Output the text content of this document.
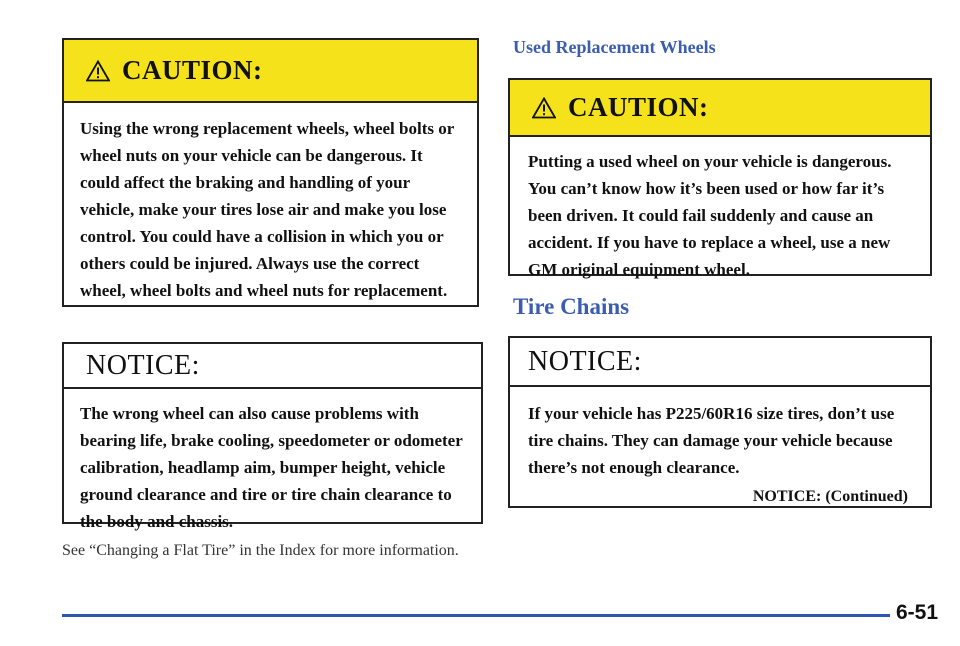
CAUTION:
Using the wrong replacement wheels, wheel bolts or wheel nuts on your vehicle can be dangerous. It could affect the braking and handling of your vehicle, make your tires lose air and make you lose control. You could have a collision in which you or others could be injured. Always use the correct wheel, wheel bolts and wheel nuts for replacement.
NOTICE:
The wrong wheel can also cause problems with bearing life, brake cooling, speedometer or odometer calibration, headlamp aim, bumper height, vehicle ground clearance and tire or tire chain clearance to the body and chassis.
See “Changing a Flat Tire” in the Index for more information.
Used Replacement Wheels
CAUTION:
Putting a used wheel on your vehicle is dangerous. You can’t know how it’s been used or how far it’s been driven. It could fail suddenly and cause an accident. If you have to replace a wheel, use a new GM original equipment wheel.
Tire Chains
NOTICE:
If your vehicle has P225/60R16 size tires, don’t use tire chains. They can damage your vehicle because there’s not enough clearance.
NOTICE: (Continued)
6-51
